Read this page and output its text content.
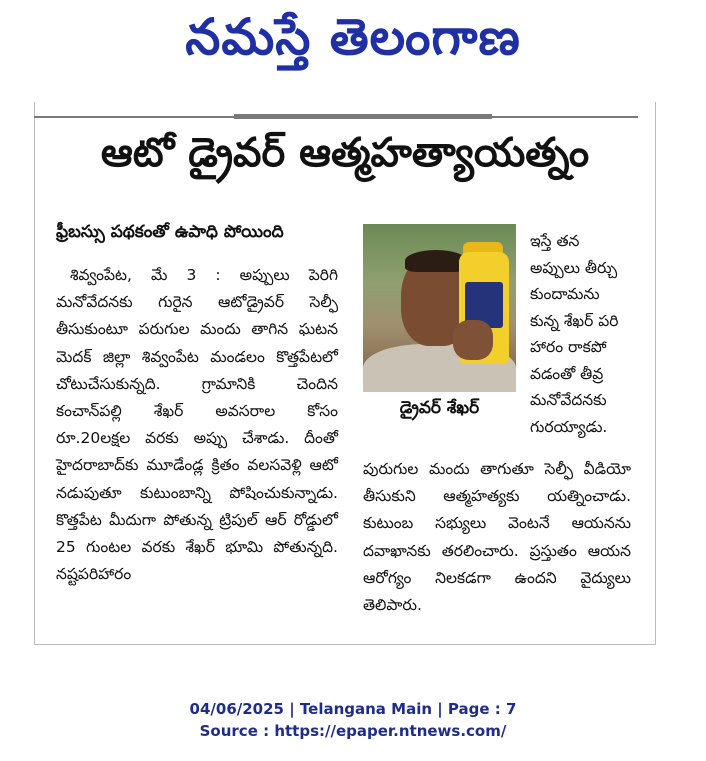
నమస్తే తెలంగాణ
ఆటో డ్రైవర్ ఆత్మహత్యాయత్నం
ఫ్రీబస్సు పథకంతో ఉపాధి పోయింది
శివ్వంపేట, మే 3 : అప్పులు పెరిగి మనోవేదనకు గురైన ఆటోడ్రైవర్ సెల్ఫీ తీసుకుంటూ పరుగుల మందు తాగిన ఘటన మెదక్ జిల్లా శివ్వంపేట మండలం కొత్తపేటలో చోటుచేసుకున్నది. గ్రామానికి చెందిన కంచాన్‌పల్లి శేఖర్ అవసరాల కోసం రూ.20లక్షల వరకు అప్పు చేశాడు. దీంతో హైదరాబాద్‌కు మూడేండ్ల క్రితం వలసవెళ్లి ఆటో నడుపుతూ కుటుంబాన్ని పోషించుకున్నాడు. కొత్తపేట మీదుగా పోతున్న ట్రిపుల్ ఆర్ రోడ్డులో 25 గుంటల వరకు శేఖర్ భూమి పోతున్నది. నష్టపరిహారం
డ్రైవర్ శేఖర్
ఇస్తే తన
అప్పులు తీర్చు
కుందామను
కున్న శేఖర్ పరి
హారం రాకపో
వడంతో తీవ్ర
మనోవేదనకు
గురయ్యాడు.
పురుగుల మందు తాగుతూ సెల్ఫీ వీడియో తీసుకుని ఆత్మహత్యకు యత్నించాడు. కుటుంబ సభ్యులు వెంటనే ఆయనను దవాఖానకు తరలించారు. ప్రస్తుతం ఆయన ఆరోగ్యం నిలకడగా ఉందని వైద్యులు తెలిపారు.
04/06/2025 | Telangana Main | Page : 7
Source : https://epaper.ntnews.com/
